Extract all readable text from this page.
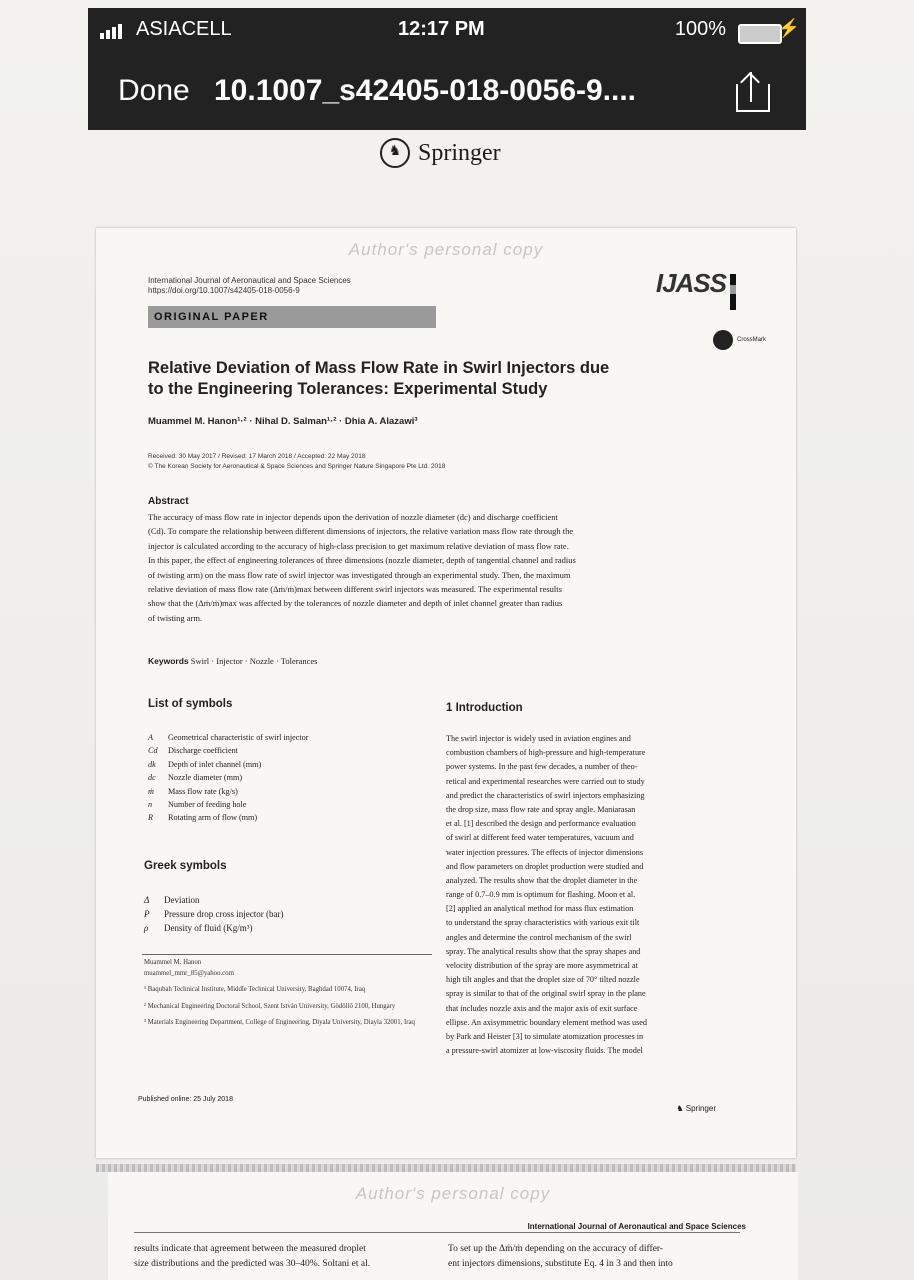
ASIACELL	12:17 PM	100%	⚡
Done 10.1007_s42405-018-0056-9....
♞ Springer
Author's personal copy
International Journal of Aeronautical and Space Sciences
https://doi.org/10.1007/s42405-018-0056-9	IJASS
ORIGINAL PAPER
CrossMark
Relative Deviation of Mass Flow Rate in Swirl Injectors due to the Engineering Tolerances: Experimental Study
Muammel M. Hanon¹·² · Nihal D. Salman¹·² · Dhia A. Alazawi³
Received: 30 May 2017 / Revised: 17 March 2018 / Accepted: 22 May 2018
© The Korean Society for Aeronautical & Space Sciences and Springer Nature Singapore Pte Ltd. 2018
Abstract
The accuracy of mass flow rate in injector depends upon the derivation of nozzle diameter (dc) and discharge coefficient
(Cd). To compare the relationship between different dimensions of injectors, the relative variation mass flow rate through the
injector is calculated according to the accuracy of high-class precision to get maximum relative deviation of mass flow rate.
In this paper, the effect of engineering tolerances of three dimensions (nozzle diameter, depth of tangential channel and radius
of twisting arm) on the mass flow rate of swirl injector was investigated through an experimental study. Then, the maximum
relative deviation of mass flow rate (Δṁ/ṁ)max between different swirl injectors was measured. The experimental results
show that the (Δṁ/ṁ)max was affected by the tolerances of nozzle diameter and depth of inlet channel greater than radius
of twisting arm.
Keywords Swirl · Injector · Nozzle · Tolerances
List of symbols
A	Geometrical characteristic of swirl injector
Cd	Discharge coefficient
dk	Depth of inlet channel (mm)
dc	Nozzle diameter (mm)
ṁ	Mass flow rate (kg/s)
n	Number of feeding hole
R	Rotating arm of flow (mm)
Greek symbols
Δ	Deviation
P	Pressure drop cross injector (bar)
ρ	Density of fluid (Kg/m³)
Muammel M. Hanon
muammel_mmr_85@yahoo.com
¹ Baqubah Technical Institute, Middle Technical University, Baghdad 10074, Iraq
² Mechanical Engineering Doctoral School, Szent István University, Gödöllő 2100, Hungary
³ Materials Engineering Department, College of Engineering, Diyala University, Diayla 32001, Iraq
Published online: 25 July 2018
1 Introduction
The swirl injector is widely used in aviation engines and
combustion chambers of high-pressure and high-temperature
power systems. In the past few decades, a number of theo-
retical and experimental researches were carried out to study
and predict the characteristics of swirl injectors emphasizing
the drop size, mass flow rate and spray angle. Maniarasan
et al. [1] described the design and performance evaluation
of swirl at different feed water temperatures, vacuum and
water injection pressures. The effects of injector dimensions
and flow parameters on droplet production were studied and
analyzed. The results show that the droplet diameter in the
range of 0.7–0.9 mm is optimum for flashing. Moon et al.
[2] applied an analytical method for mass flux estimation
to understand the spray characteristics with various exit tilt
angles and determine the control mechanism of the swirl
spray. The analytical results show that the spray shapes and
velocity distribution of the spray are more asymmetrical at
high tilt angles and that the droplet size of 70° tilted nozzle
spray is similar to that of the original swirl spray in the plane
that includes nozzle axis and the major axis of exit surface
ellipse. An axisymmetric boundary element method was used
by Park and Heister [3] to simulate atomization processes in
a pressure-swirl atomizer at low-viscosity fluids. The model
♞ Springer
Author's personal copy
International Journal of Aeronautical and Space Sciences
results indicate that agreement between the measured droplet
size distributions and the predicted was 30–40%. Soltani et al.
To set up the Δṁ/ṁ depending on the accuracy of differ-
ent injectors dimensions, substitute Eq. 4 in 3 and then into
